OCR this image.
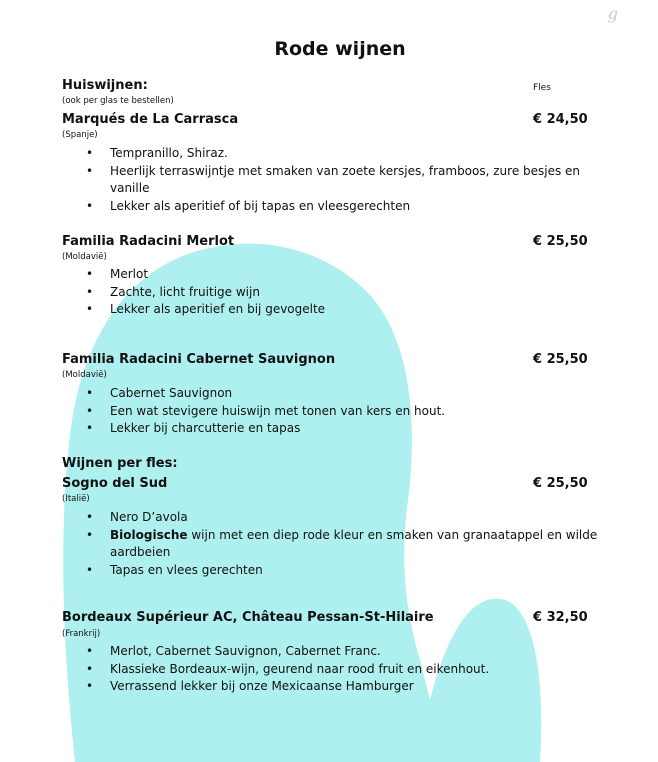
g
Rode wijnen
Huiswijnen:	Fles
(ook per glas te bestellen)
Marqués de La Carrasca	€ 24,50
(Spanje)
• Tempranillo, Shiraz.
• Heerlijk terraswijntje met smaken van zoete kersjes, framboos, zure besjes en vanille
• Lekker als aperitief of bij tapas en vleesgerechten
Familia Radacini Merlot	€ 25,50
(Moldaviё)
• Merlot
• Zachte, licht fruitige wijn
• Lekker als aperitief en bij gevogelte
Familia Radacini Cabernet Sauvignon	€ 25,50
(Moldaviё)
• Cabernet Sauvignon
• Een wat stevigere huiswijn met tonen van kers en hout.
• Lekker bij charcutterie en tapas
Wijnen per fles:
Sogno del Sud	€ 25,50
(Italiё)
• Nero D’avola
• Biologische wijn met een diep rode kleur en smaken van granaatappel en wilde aardbeien
• Tapas en vlees gerechten
Bordeaux Supérieur AC, Château Pessan-St-Hilaire	€ 32,50
(Frankrij)
• Merlot, Cabernet Sauvignon, Cabernet Franc.
• Klassieke Bordeaux-wijn, geurend naar rood fruit en eikenhout.
• Verrassend lekker bij onze Mexicaanse Hamburger
